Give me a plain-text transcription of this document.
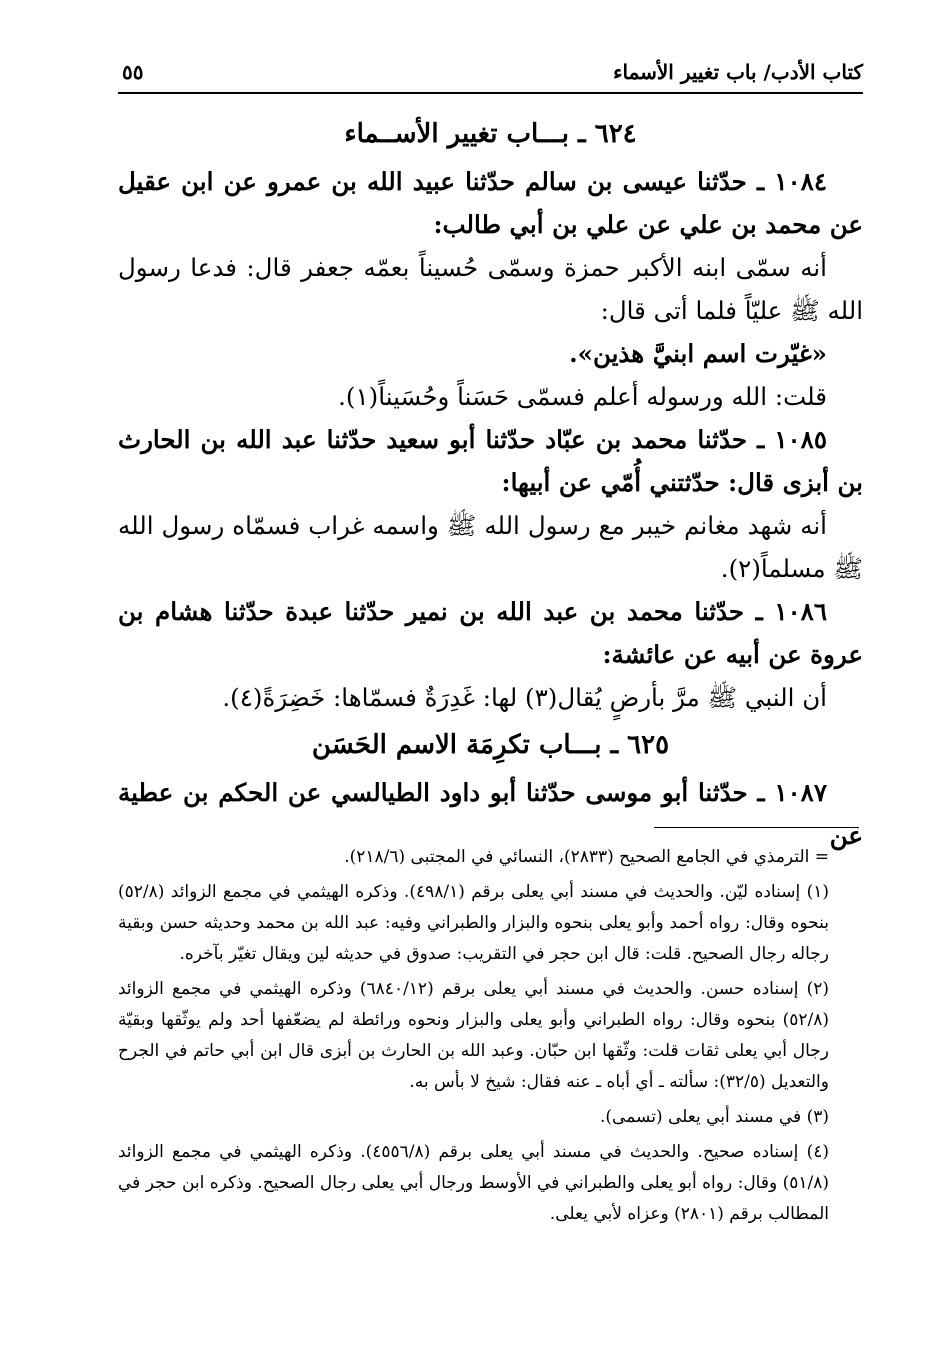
كتاب الأدب/ باب تغيير الأسماء
٥٥
٦٢٤ ـ بـــاب تغيير الأســماء

١٠٨٤ ـ حدّثنا عيسى بن سالم حدّثنا عبيد الله بن عمرو عن ابن عقيل عن محمد بن علي عن علي بن أبي طالب:

أنه سمّى ابنه الأكبر حمزة وسمّى حُسيناً بعمّه جعفر قال: فدعا رسول الله ﷺ عليّاً فلما أتى قال:

«غيّرت اسم ابنيَّ هذين».

قلت: الله ورسوله أعلم فسمّى حَسَناً وحُسَيناً(١).

١٠٨٥ ـ حدّثنا محمد بن عبّاد حدّثنا أبو سعيد حدّثنا عبد الله بن الحارث بن أبزى قال: حدّثتني أُمّي عن أبيها:

أنه شهد مغانم خيبر مع رسول الله ﷺ واسمه غراب فسمّاه رسول الله ﷺ مسلماً(٢).

١٠٨٦ ـ حدّثنا محمد بن عبد الله بن نمير حدّثنا عبدة حدّثنا هشام بن عروة عن أبيه عن عائشة:

أن النبي ﷺ مرَّ بأرضٍ يُقال(٣) لها: غَدِرَةٌ فسمّاها: خَضِرَةً(٤).

٦٢٥ ـ بـــاب تكرِمَة الاسم الحَسَن

١٠٨٧ ـ حدّثنا أبو موسى حدّثنا أبو داود الطيالسي عن الحكم بن عطية عن

= الترمذي في الجامع الصحيح (٢٨٣٣)، النسائي في المجتبى (٢١٨/٦).

(١) إسناده ليّن. والحديث في مسند أبي يعلى برقم (٤٩٨/١). وذكره الهيثمي في مجمع الزوائد (٥٢/٨) بنحوه وقال: رواه أحمد وأبو يعلى بنحوه والبزار والطبراني وفيه: عبد الله بن محمد وحديثه حسن وبقية رجاله رجال الصحيح. قلت: قال ابن حجر في التقريب: صدوق في حديثه لين ويقال تغيّر بآخره.

(٢) إسناده حسن. والحديث في مسند أبي يعلى برقم (٦٨٤٠/١٢) وذكره الهيثمي في مجمع الزوائد (٥٢/٨) بنحوه وقال: رواه الطبراني وأبو يعلى والبزار ونحوه ورائطة لم يضعّفها أحد ولم يوثّقها وبقيّة رجال أبي يعلى ثقات قلت: وثّقها ابن حبّان. وعبد الله بن الحارث بن أبزى قال ابن أبي حاتم في الجرح والتعديل (٣٢/٥): سألته ـ أي أباه ـ عنه فقال: شيخ لا بأس به.

(٣) في مسند أبي يعلى (تسمى).

(٤) إسناده صحيح. والحديث في مسند أبي يعلى برقم (٤٥٥٦/٨). وذكره الهيثمي في مجمع الزوائد (٥١/٨) وقال: رواه أبو يعلى والطبراني في الأوسط ورجال أبي يعلى رجال الصحيح. وذكره ابن حجر في المطالب برقم (٢٨٠١) وعزاه لأبي يعلى.
